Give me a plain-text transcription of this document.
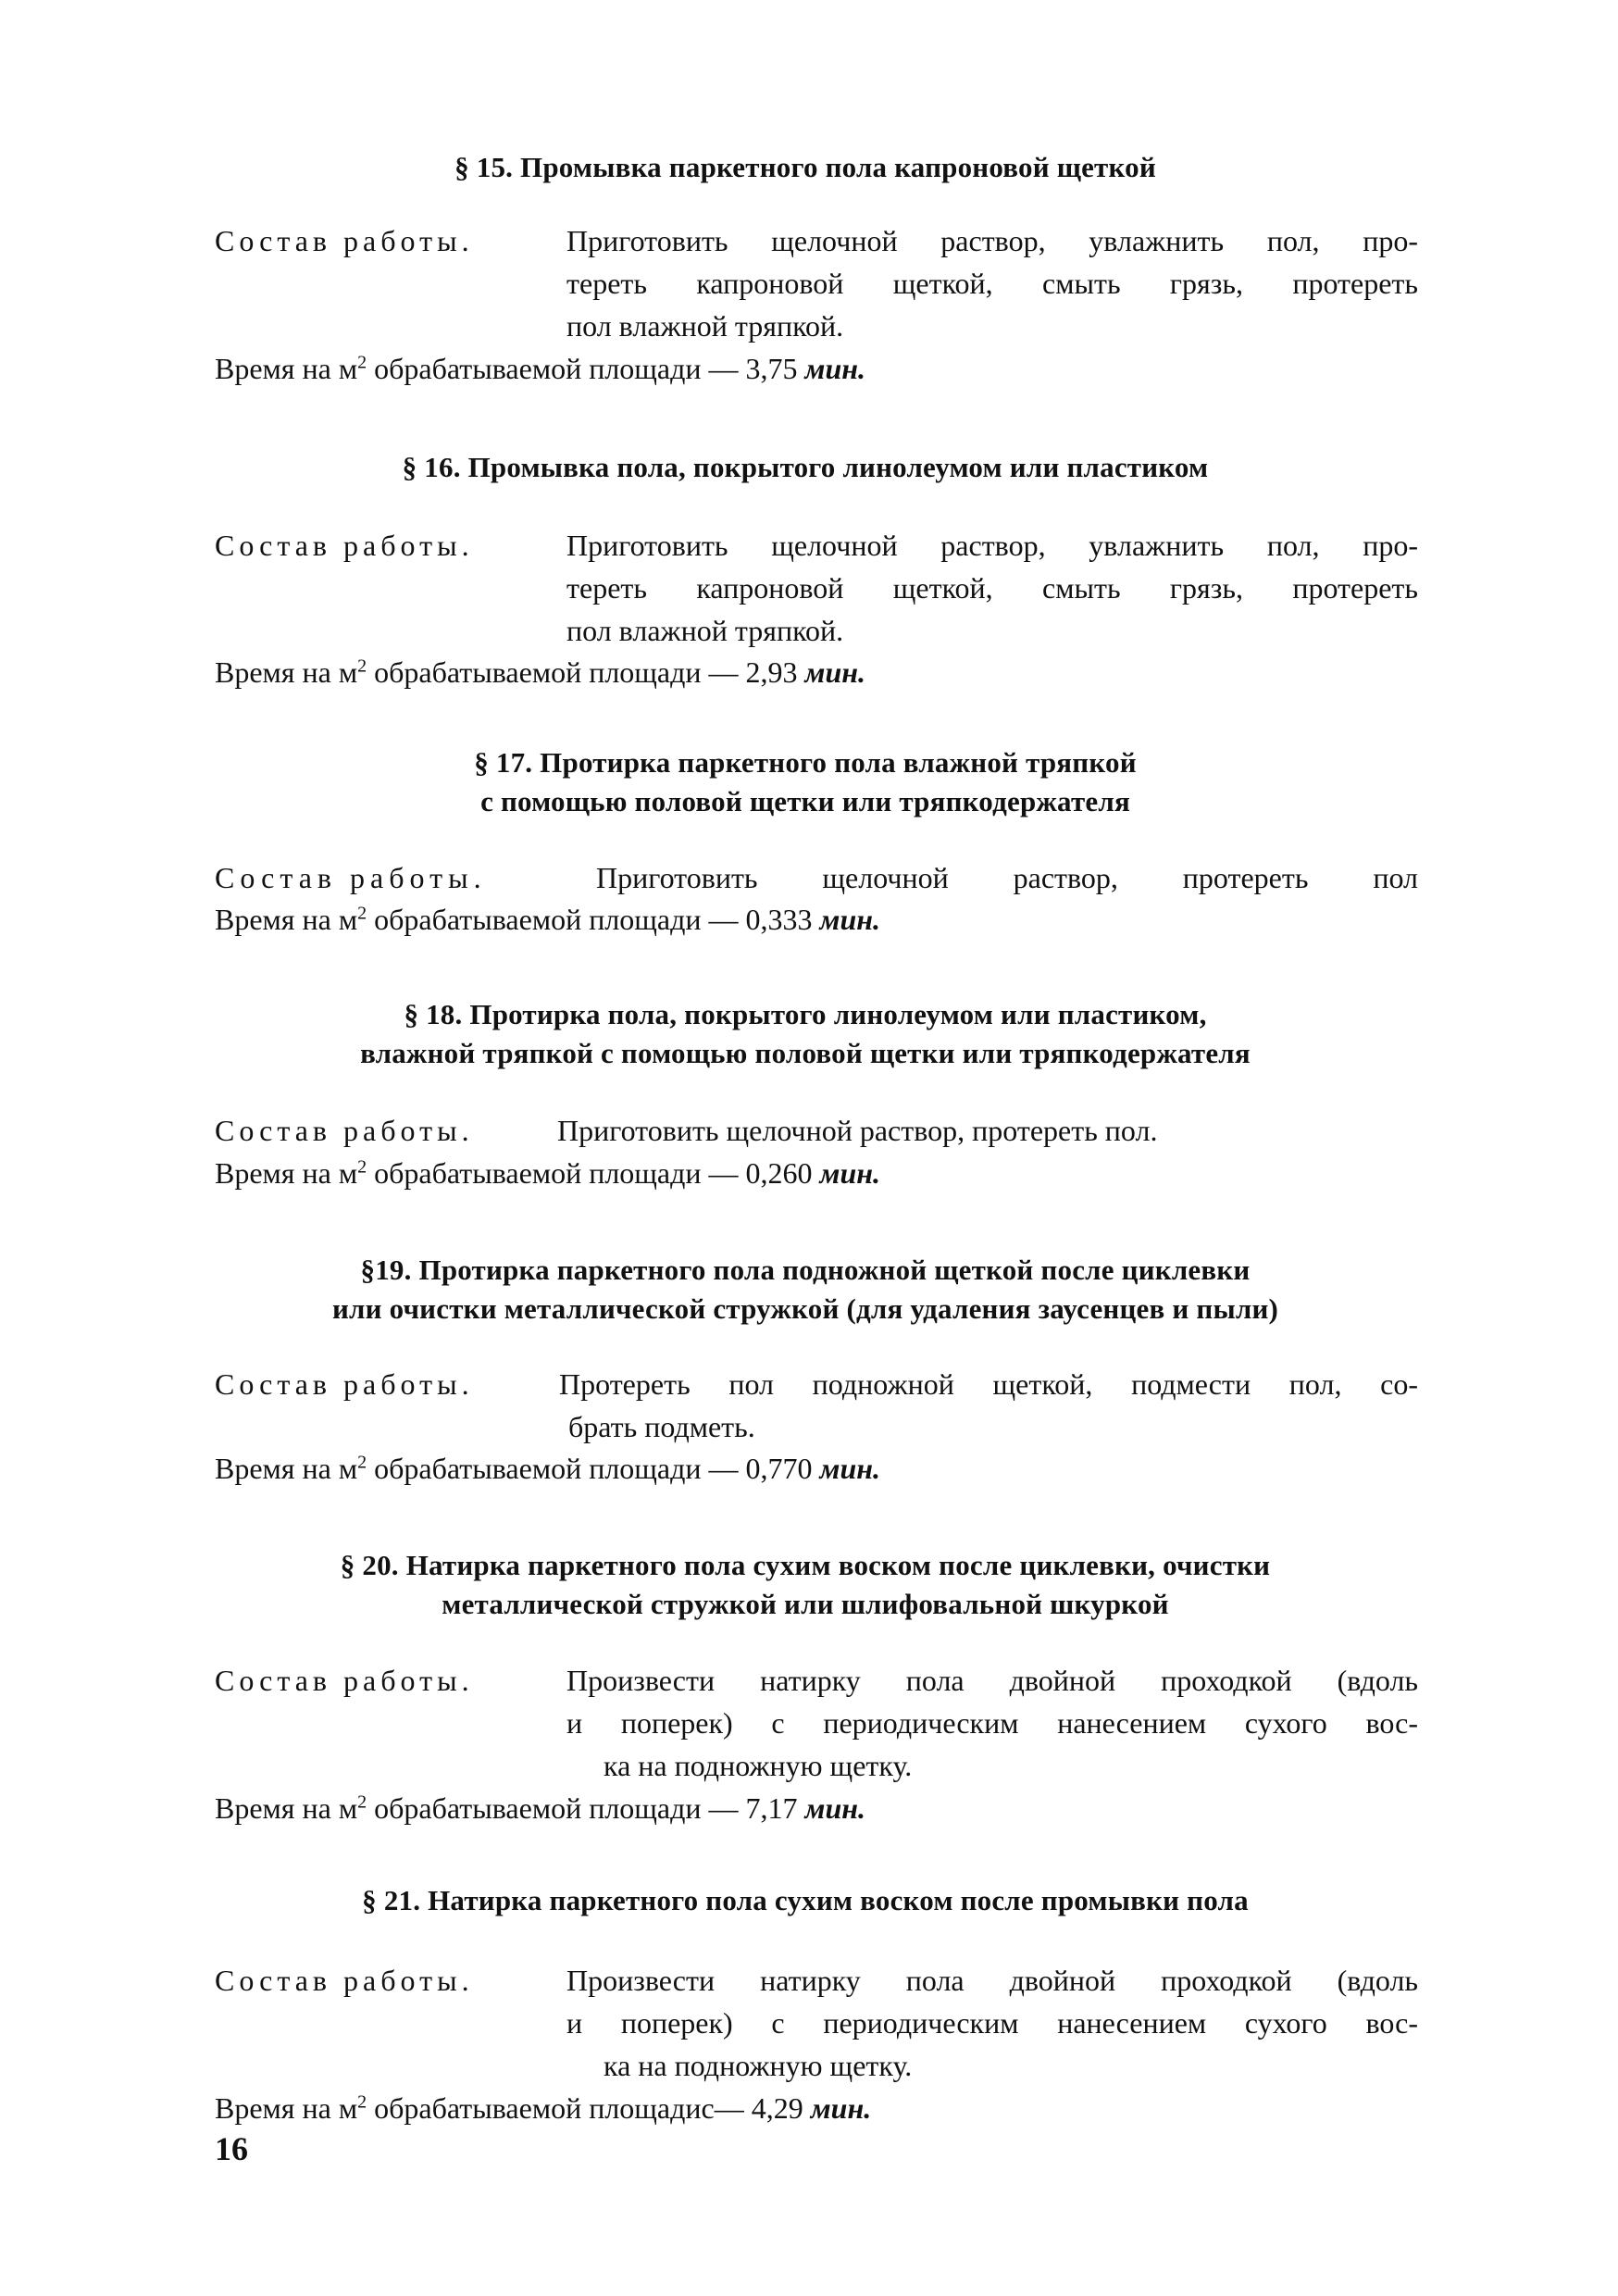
§ 15. Промывка паркетного пола капроновой щеткой
Состав работы.	Приготовить щелочной раствор, увлажнить пол, про-
тереть капроновой щеткой, смыть грязь, протереть
пол влажной тряпкой.
Время на $м^2$ обрабатываемой площади — 3,75 мин.
§ 16. Промывка пола, покрытого линолеумом или пластиком
Состав работы.	Приготовить щелочной раствор, увлажнить пол, про-
тереть капроновой щеткой, смыть грязь, протереть
пол влажной тряпкой.
Время на $м^2$ обрабатываемой площади — 2,93 мин.
§ 17. Протирка паркетного пола влажной тряпкой
с помощью половой щетки или тряпкодержателя
Состав работы.	Приготовить щелочной раствор, протереть пол
Время на $м^2$ обрабатываемой площади — 0,333 мин.
§ 18. Протирка пола, покрытого линолеумом или пластиком,
влажной тряпкой с помощью половой щетки или тряпкодержателя
Состав работы.	Приготовить щелочной раствор, протереть пол.
Время на $м^2$ обрабатываемой площади — 0,260 мин.
§19. Протирка паркетного пола подножной щеткой после циклевки
или очистки металлической стружкой (для удаления заусенцев и пыли)
Состав работы.	Протереть пол подножной щеткой, подмести пол, со-
брать подметь.
Время на $м^2$ обрабатываемой площади — 0,770 мин.
§ 20. Натирка паркетного пола сухим воском после циклевки, очистки
металлической стружкой или шлифовальной шкуркой
Состав работы.	Произвести натирку пола двойной проходкой (вдоль
и поперек) с периодическим нанесением сухого вос-
ка на подножную щетку.
Время на $м^2$ обрабатываемой площади — 7,17 мин.
§ 21. Натирка паркетного пола сухим воском после промывки пола
Состав работы.	Произвести натирку пола двойной проходкой (вдоль
и поперек) с периодическим нанесением сухого вос-
ка на подножную щетку.
Время на $м^2$ обрабатываемой площадис— 4,29 мин.
16
